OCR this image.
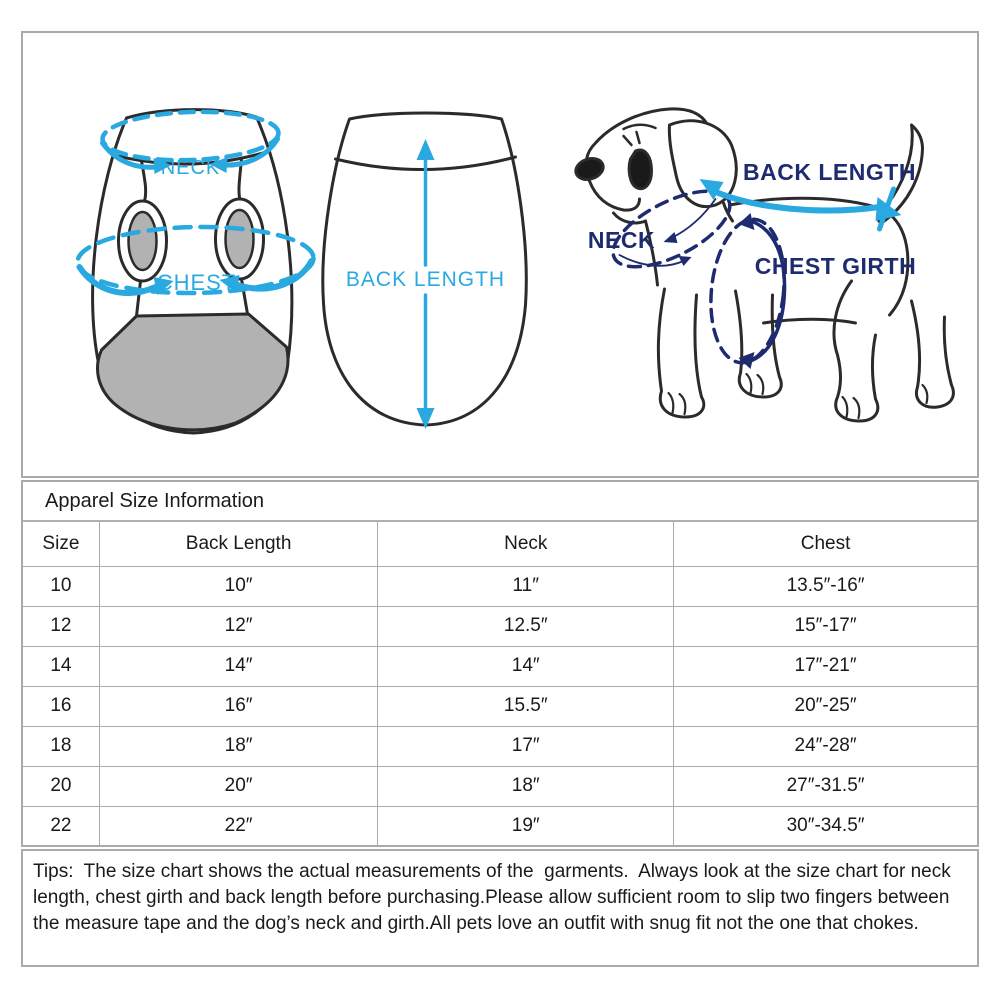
NECK
CHEST	BACK LENGTH
BACK LENGTH
NECK
CHEST GIRTH
Apparel Size Information
Size	Back Length	Neck	Chest
10	10″	11″	13.5″-16″
12	12″	12.5″	15″-17″
14	14″	14″	17″-21″
16	16″	15.5″	20″-25″
18	18″	17″	24″-28″
20	20″	18″	27″-31.5″
22	22″	19″	30″-34.5″
Tips:  The size chart shows the actual measurements of the  garments.  Always look at the size chart for neck length, chest girth and back length before purchasing.Please allow sufficient room to slip two fingers between the measure tape and the dog’s neck and girth.All pets love an outfit with snug fit not the one that chokes.
